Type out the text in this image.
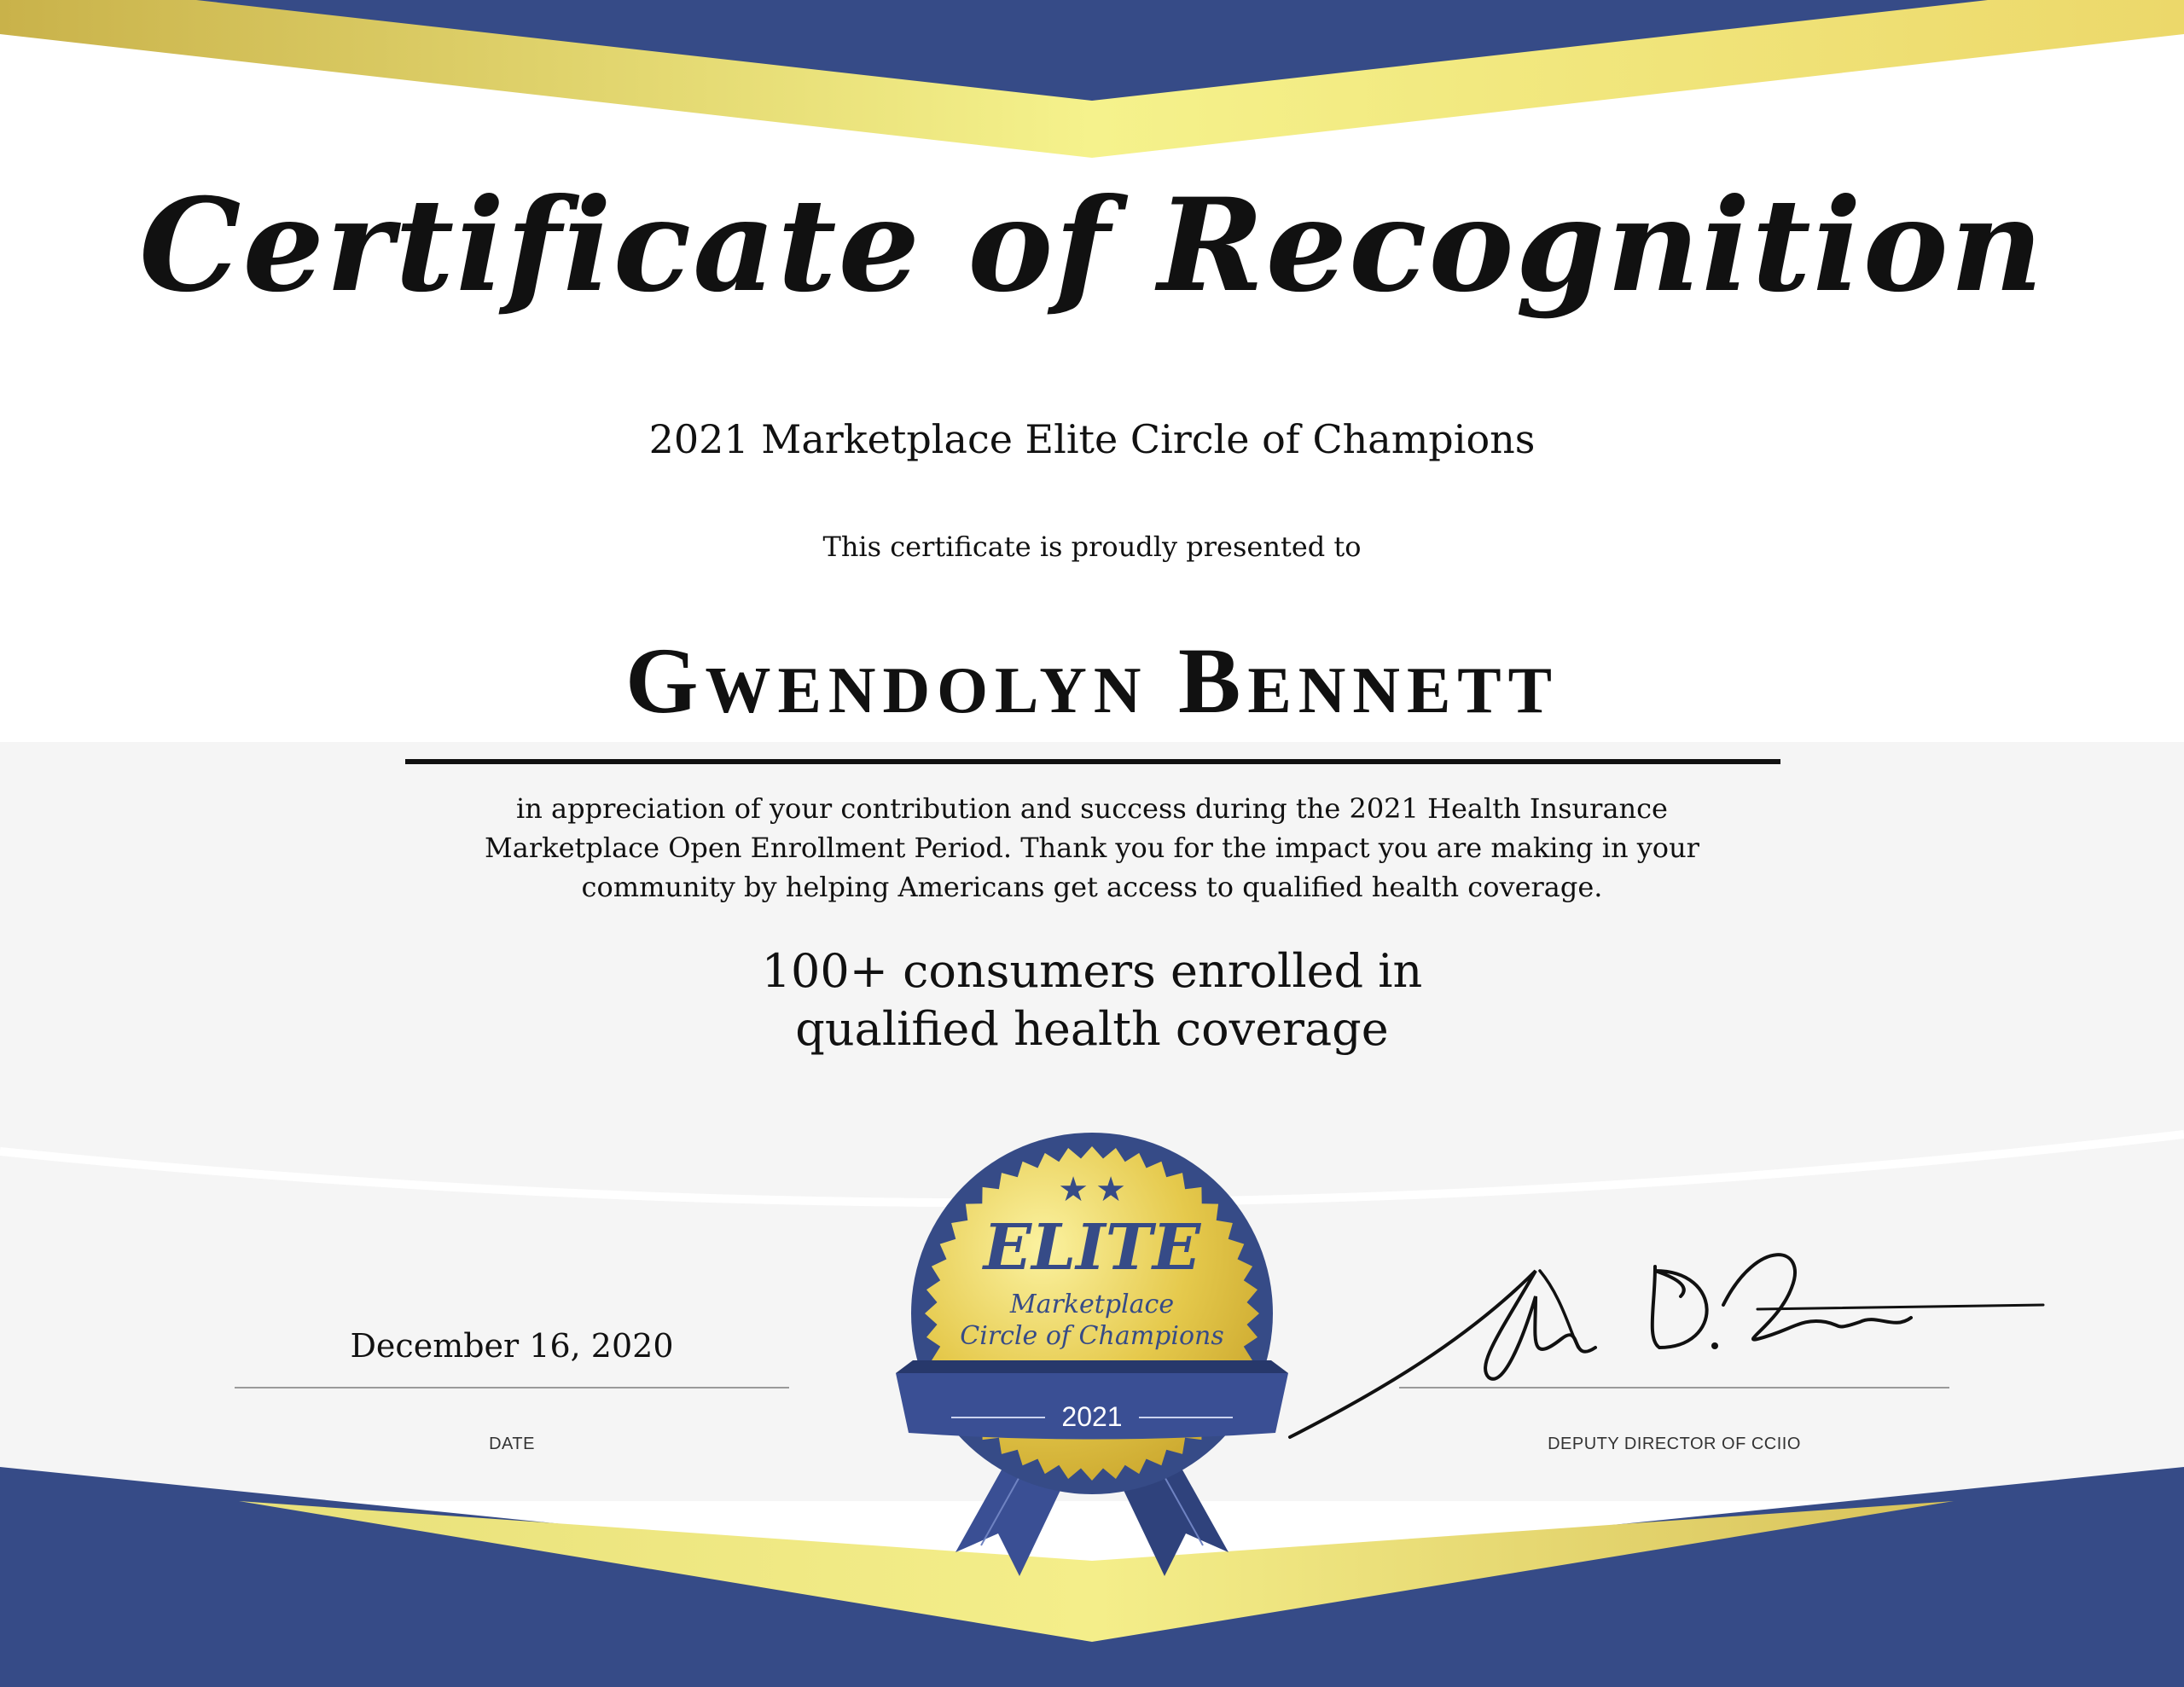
Certificate of Recognition
2021 Marketplace Elite Circle of Champions
This certificate is proudly presented to
Gwendolyn Bennett
in appreciation of your contribution and success during the 2021 Health Insurance
Marketplace Open Enrollment Period. Thank you for the impact you are making in your
community by helping Americans get access to qualified health coverage.
100+ consumers enrolled in
qualified health coverage
December 16, 2020
DATE	DEPUTY DIRECTOR OF CCIIO
★ ★
ELITE
Marketplace
Circle of Champions
2021
